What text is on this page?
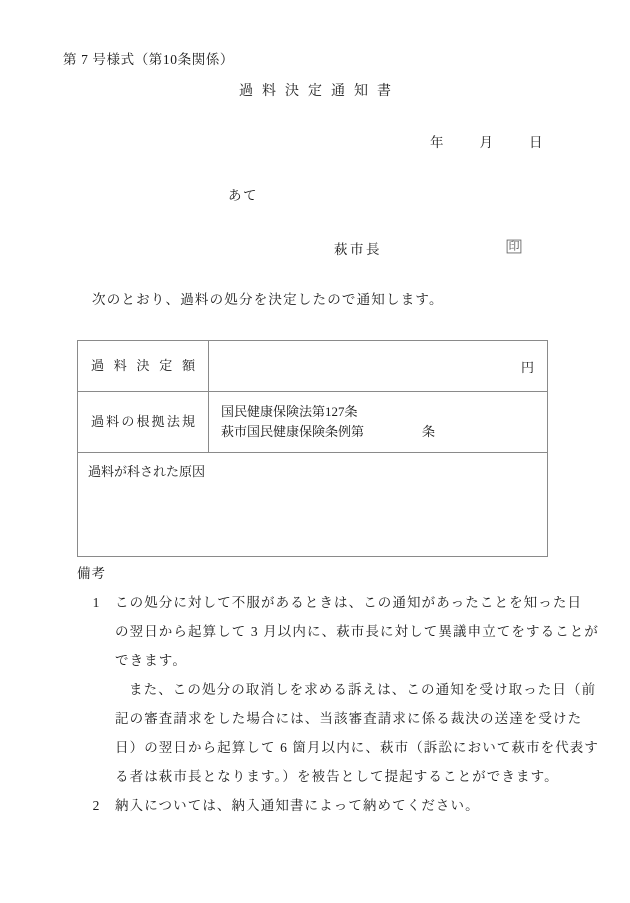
第 7 号様式（第10条関係）
過料決定通知書
年	月	日
あて
萩市長	印
次のとおり、過料の処分を決定したので通知します。
過料決定額	円

過料の根拠法規	国民健康保険法第127条
萩市国民健康保険条例第 条

過料が科された原因	
備考
1	この処分に対して不服があるときは、この通知があったことを知った日
の翌日から起算して 3 月以内に、萩市長に対して異議申立てをすることが
できます。
また、この処分の取消しを求める訴えは、この通知を受け取った日（前
記の審査請求をした場合には、当該審査請求に係る裁決の送達を受けた
日）の翌日から起算して 6 箇月以内に、萩市（訴訟において萩市を代表す
る者は萩市長となります。）を被告として提起することができます。
2	納入については、納入通知書によって納めてください。
